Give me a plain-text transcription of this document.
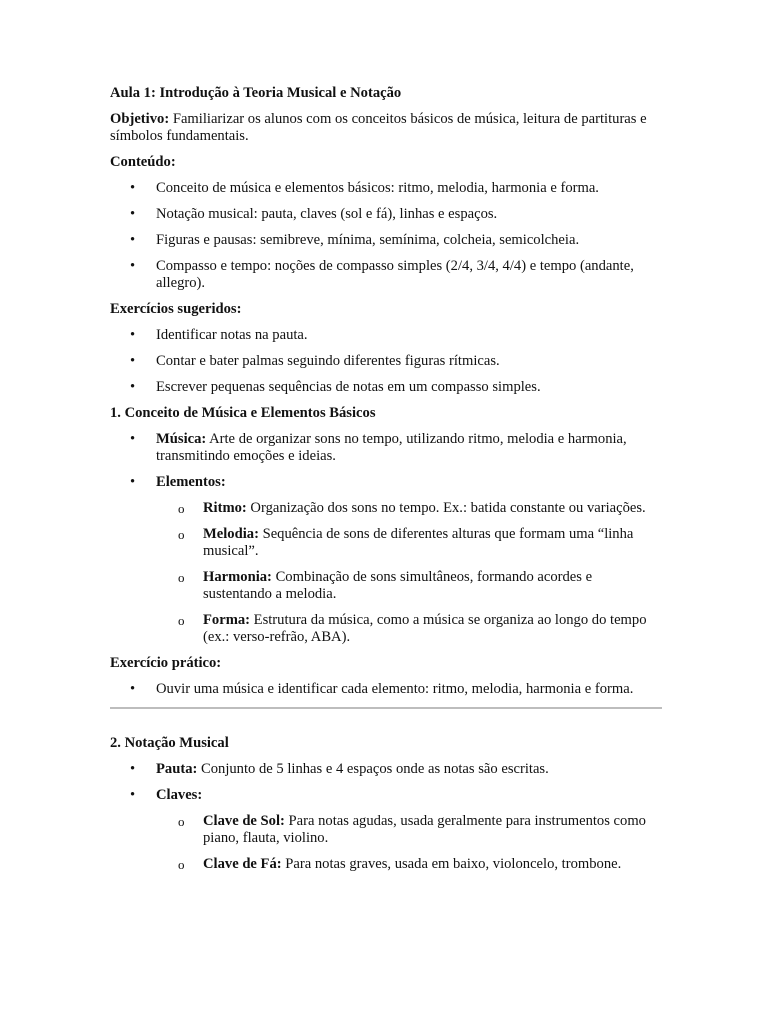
Aula 1: Introdução à Teoria Musical e Notação

Objetivo: Familiarizar os alunos com os conceitos básicos de música, leitura de partituras e símbolos fundamentais.

Conteúdo:

• Conceito de música e elementos básicos: ritmo, melodia, harmonia e forma.
• Notação musical: pauta, claves (sol e fá), linhas e espaços.
• Figuras e pausas: semibreve, mínima, semínima, colcheia, semicolcheia.
• Compasso e tempo: noções de compasso simples (2/4, 3/4, 4/4) e tempo (andante, allegro).

Exercícios sugeridos:

• Identificar notas na pauta.
• Contar e bater palmas seguindo diferentes figuras rítmicas.
• Escrever pequenas sequências de notas em um compasso simples.

1. Conceito de Música e Elementos Básicos

• Música: Arte de organizar sons no tempo, utilizando ritmo, melodia e harmonia, transmitindo emoções e ideias.
• Elementos:
o Ritmo: Organização dos sons no tempo. Ex.: batida constante ou variações.
o Melodia: Sequência de sons de diferentes alturas que formam uma “linha musical”.
o Harmonia: Combinação de sons simultâneos, formando acordes e sustentando a melodia.
o Forma: Estrutura da música, como a música se organiza ao longo do tempo (ex.: verso-refrão, ABA).

Exercício prático:

• Ouvir uma música e identificar cada elemento: ritmo, melodia, harmonia e forma.

2. Notação Musical

• Pauta: Conjunto de 5 linhas e 4 espaços onde as notas são escritas.
• Claves:
o Clave de Sol: Para notas agudas, usada geralmente para instrumentos como piano, flauta, violino.
o Clave de Fá: Para notas graves, usada em baixo, violoncelo, trombone.
